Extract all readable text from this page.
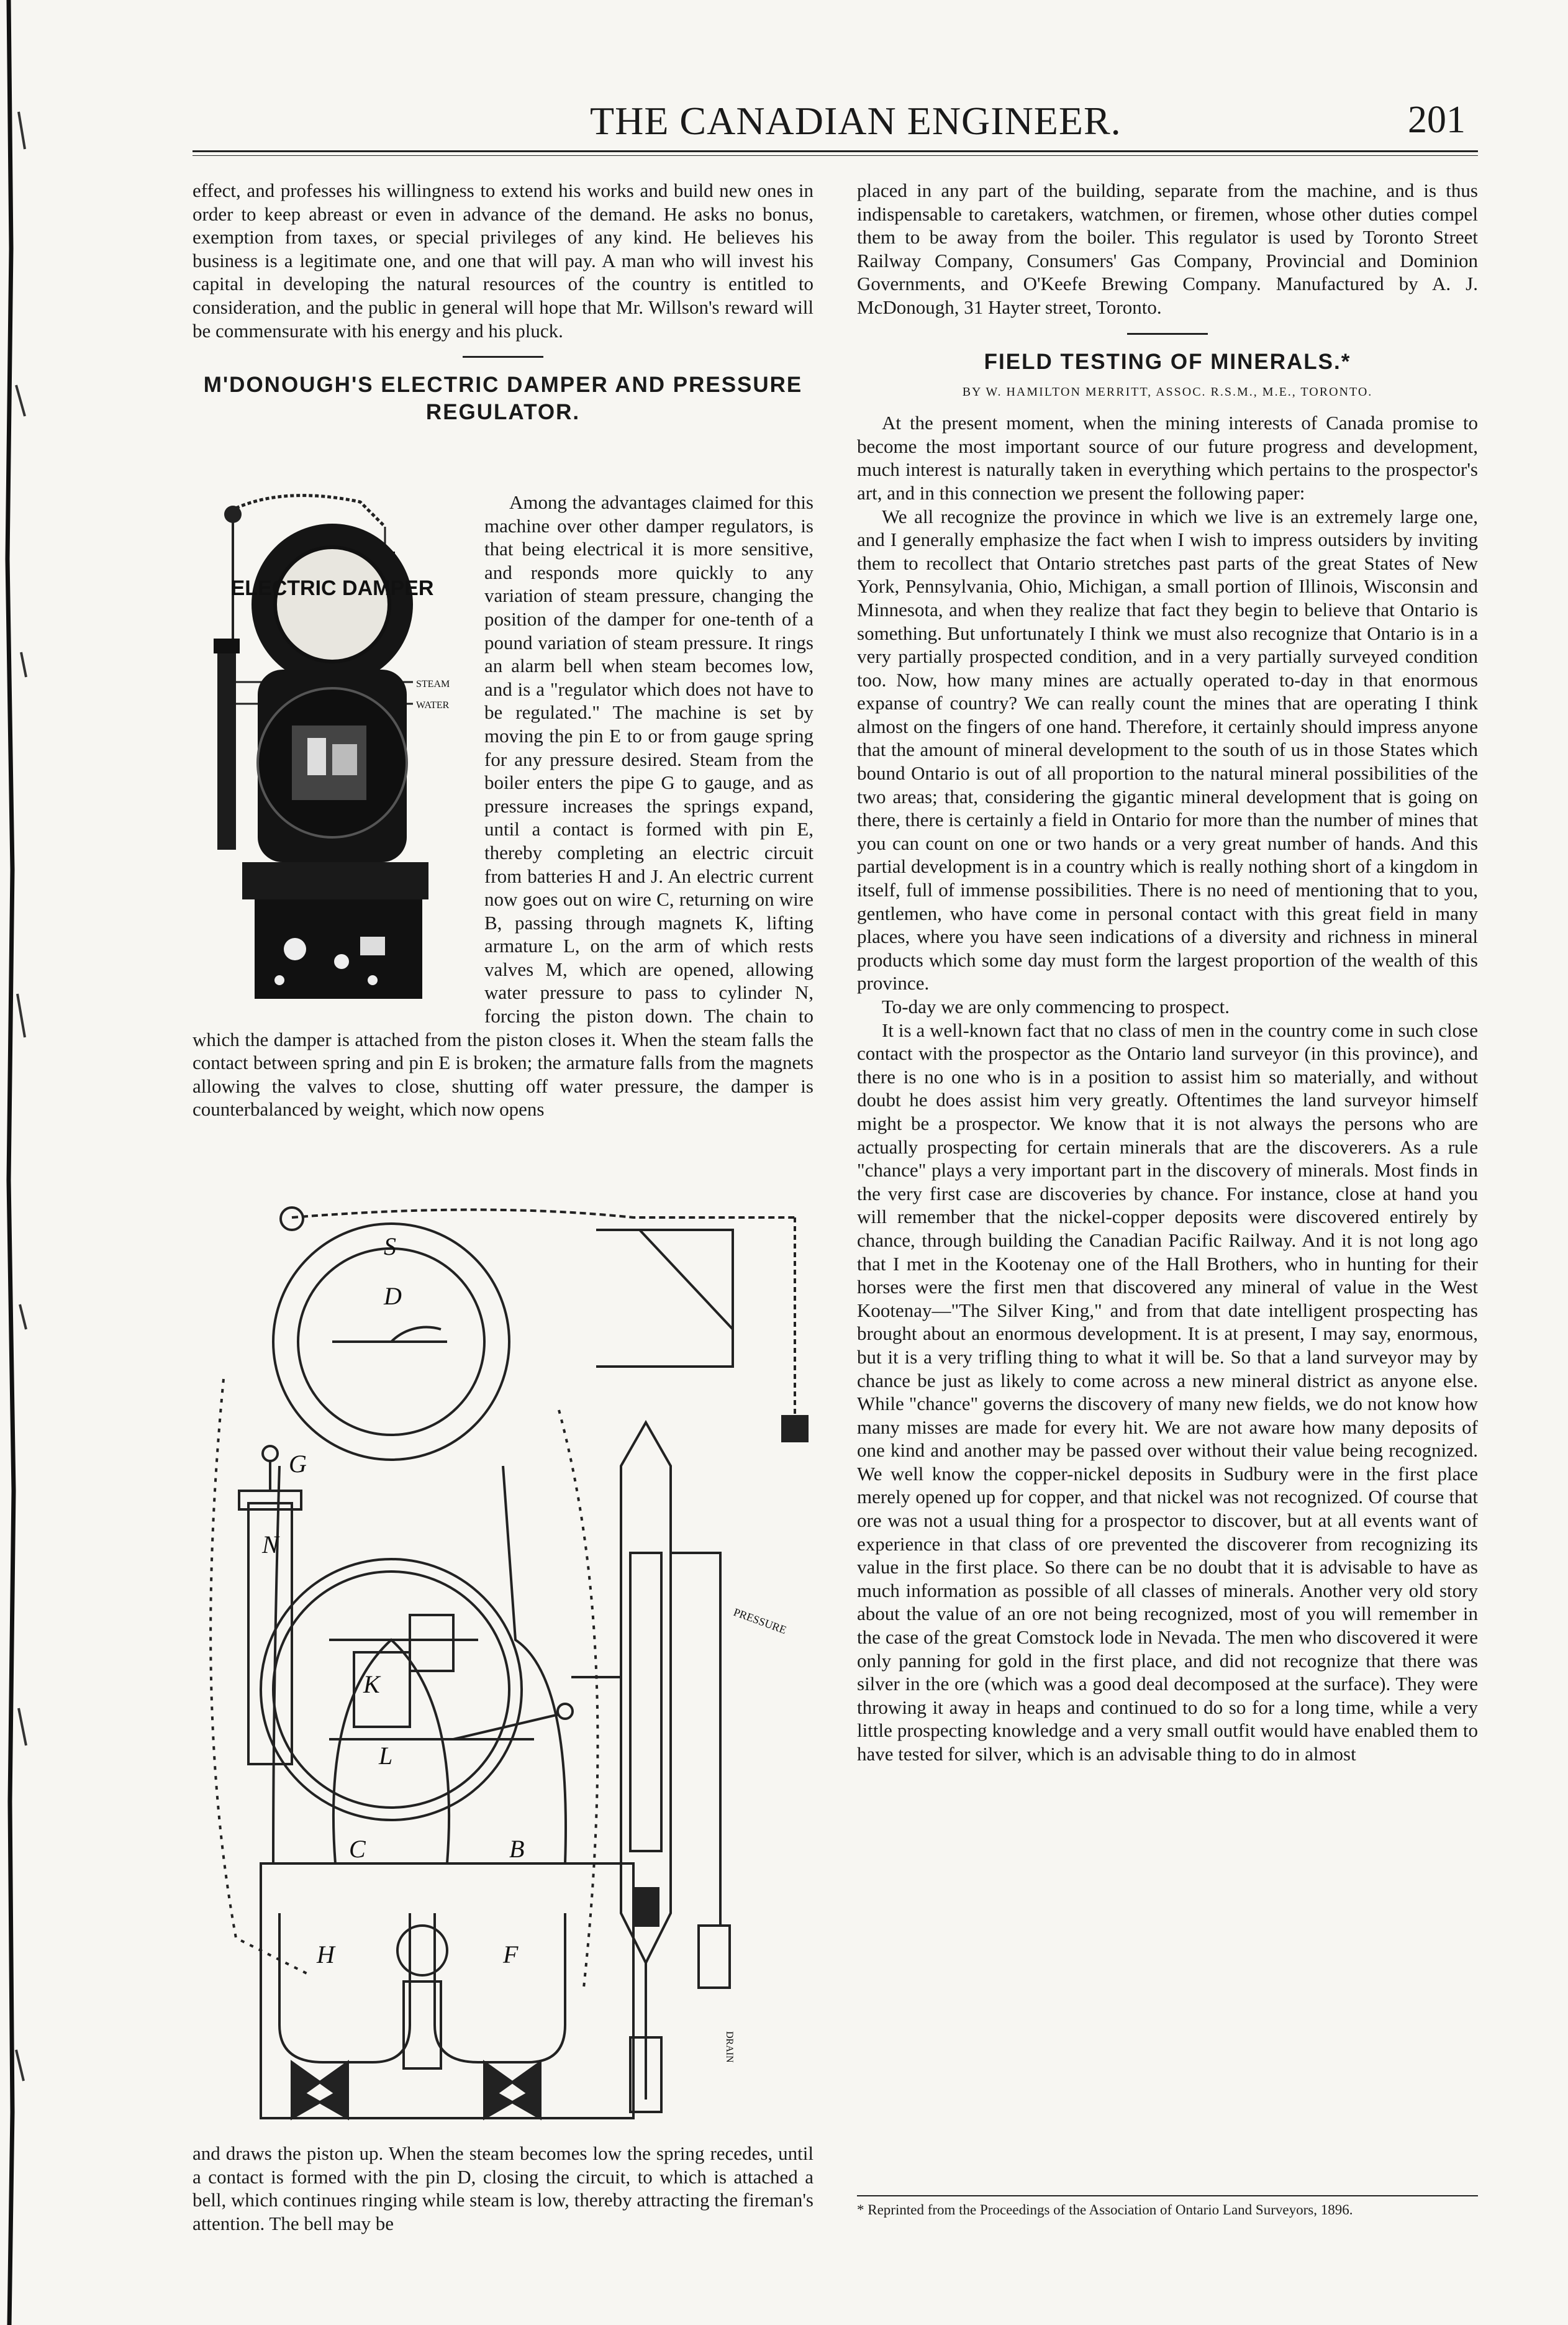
THE CANADIAN ENGINEER.	201

effect, and professes his willingness to extend his works and build new ones in order to keep abreast or even in advance of the demand. He asks no bonus, exemption from taxes, or special privileges of any kind. He believes his business is a legitimate one, and one that will pay. A man who will invest his capital in developing the natural resources of the country is entitled to consideration, and the public in general will hope that Mr. Willson's reward will be commensurate with his energy and his pluck.

M'DONOUGH'S ELECTRIC DAMPER AND PRESSURE REGULATOR.
ELECTRIC DAMPER
STEAM
WATER

Among the advantages claimed for this machine over other damper regulators, is that being electrical it is more sensitive, and responds more quickly to any variation of steam pressure, changing the position of the damper for one-tenth of a pound variation of steam pressure. It rings an alarm bell when steam becomes low, and is a "regulator which does not have to be regulated." The machine is set by moving the pin E to or from gauge spring for any pressure desired. Steam from the boiler enters the pipe G to gauge, and as pressure increases the springs expand, until a contact is formed with pin E, thereby completing an electric circuit from batteries H and J. An electric current now goes out on wire C, returning on wire B, passing through magnets K, lifting armature L, on the arm of which rests valves M, which are opened, allowing water pressure to pass to cylinder N, forcing the piston down. The chain to which the damper is attached from the piston closes it. When the steam falls the contact between spring and pin E is broken; the armature falls from the magnets allowing the valves to close, shutting off water pressure, the damper is counterbalanced by weight, which now opens

S
D
G
N
K
L
C	B
H	F
PRESSURE
DRAIN

and draws the piston up. When the steam becomes low the spring recedes, until a contact is formed with the pin D, closing the circuit, to which is attached a bell, which continues ringing while steam is low, thereby attracting the fireman's attention. The bell may be

placed in any part of the building, separate from the machine, and is thus indispensable to caretakers, watchmen, or firemen, whose other duties compel them to be away from the boiler. This regulator is used by Toronto Street Railway Company, Consumers' Gas Company, Provincial and Dominion Governments, and O'Keefe Brewing Company. Manufactured by A. J. McDonough, 31 Hayter street, Toronto.

FIELD TESTING OF MINERALS.*
BY W. HAMILTON MERRITT, ASSOC. R.S.M., M.E., TORONTO.

At the present moment, when the mining interests of Canada promise to become the most important source of our future progress and development, much interest is naturally taken in everything which pertains to the prospector's art, and in this connection we present the following paper:

We all recognize the province in which we live is an extremely large one, and I generally emphasize the fact when I wish to impress outsiders by inviting them to recollect that Ontario stretches past parts of the great States of New York, Pennsylvania, Ohio, Michigan, a small portion of Illinois, Wisconsin and Minnesota, and when they realize that fact they begin to believe that Ontario is something. But unfortunately I think we must also recognize that Ontario is in a very partially prospected condition, and in a very partially surveyed condition too. Now, how many mines are actually operated to-day in that enormous expanse of country? We can really count the mines that are operating I think almost on the fingers of one hand. Therefore, it certainly should impress anyone that the amount of mineral development to the south of us in those States which bound Ontario is out of all proportion to the natural mineral possibilities of the two areas; that, considering the gigantic mineral development that is going on there, there is certainly a field in Ontario for more than the number of mines that you can count on one or two hands or a very great number of hands. And this partial development is in a country which is really nothing short of a kingdom in itself, full of immense possibilities. There is no need of mentioning that to you, gentlemen, who have come in personal contact with this great field in many places, where you have seen indications of a diversity and richness in mineral products which some day must form the largest proportion of the wealth of this province.

To-day we are only commencing to prospect.

It is a well-known fact that no class of men in the country come in such close contact with the prospector as the Ontario land surveyor (in this province), and there is no one who is in a position to assist him so materially, and without doubt he does assist him very greatly. Oftentimes the land surveyor himself might be a prospector. We know that it is not always the persons who are actually prospecting for certain minerals that are the discoverers. As a rule "chance" plays a very important part in the discovery of minerals. Most finds in the very first case are discoveries by chance. For instance, close at hand you will remember that the nickel-copper deposits were discovered entirely by chance, through building the Canadian Pacific Railway. And it is not long ago that I met in the Kootenay one of the Hall Brothers, who in hunting for their horses were the first men that discovered any mineral of value in the West Kootenay—"The Silver King," and from that date intelligent prospecting has brought about an enormous development. It is at present, I may say, enormous, but it is a very trifling thing to what it will be. So that a land surveyor may by chance be just as likely to come across a new mineral district as anyone else. While "chance" governs the discovery of many new fields, we do not know how many misses are made for every hit. We are not aware how many deposits of one kind and another may be passed over without their value being recognized. We well know the copper-nickel deposits in Sudbury were in the first place merely opened up for copper, and that nickel was not recognized. Of course that ore was not a usual thing for a prospector to discover, but at all events want of experience in that class of ore prevented the discoverer from recognizing its value in the first place. So there can be no doubt that it is advisable to have as much information as possible of all classes of minerals. Another very old story about the value of an ore not being recognized, most of you will remember in the case of the great Comstock lode in Nevada. The men who discovered it were only panning for gold in the first place, and did not recognize that there was silver in the ore (which was a good deal decomposed at the surface). They were throwing it away in heaps and continued to do so for a long time, while a very little prospecting knowledge and a very small outfit would have enabled them to have tested for silver, which is an advisable thing to do in almost

* Reprinted from the Proceedings of the Association of Ontario Land Surveyors, 1896.
